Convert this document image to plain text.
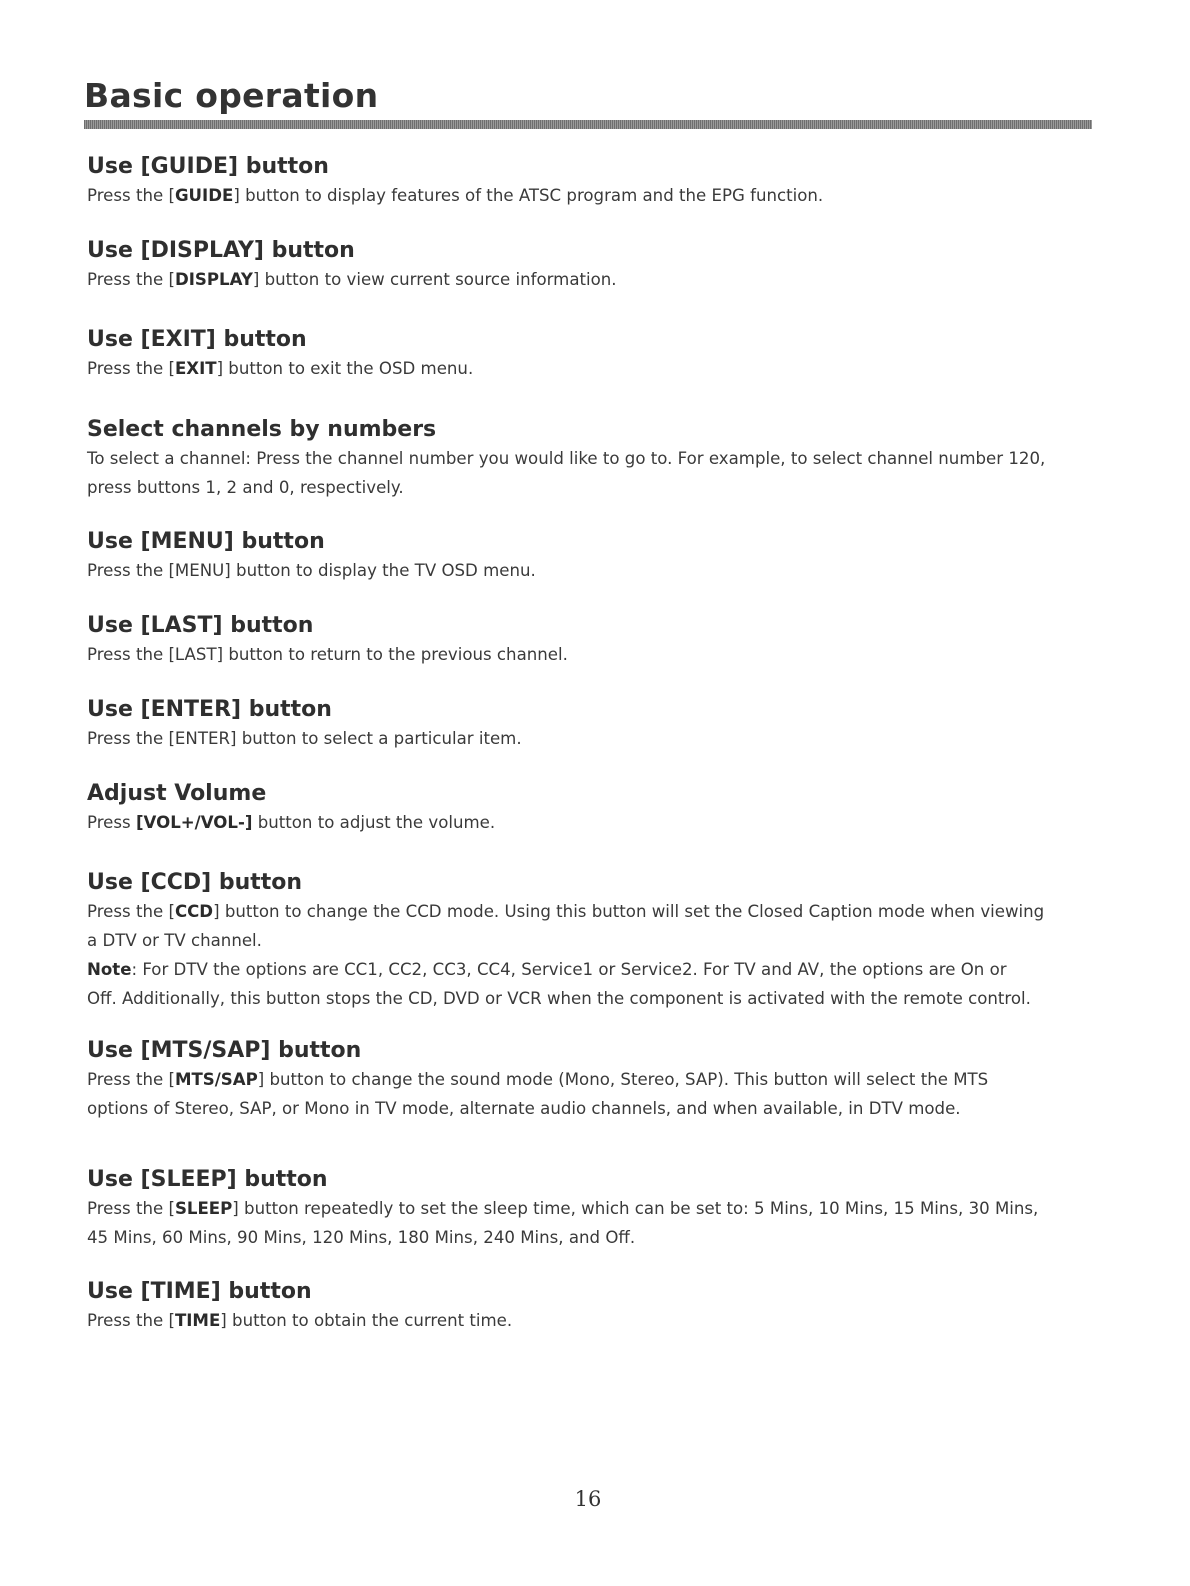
Basic operation
Use [GUIDE] button

Press the [GUIDE] button to display features of the ATSC program and the EPG function.

Use [DISPLAY] button

Press the [DISPLAY] button to view current source information.

Use [EXIT] button

Press the [EXIT] button to exit the OSD menu.

Select channels by numbers

To select a channel: Press the channel number you would like to go to. For example, to select channel number 120,

press buttons 1, 2 and 0, respectively.

Use [MENU] button

Press the [MENU] button to display the TV OSD menu.

Use [LAST] button

Press the [LAST] button to return to the previous channel.

Use [ENTER] button

Press the [ENTER] button to select a particular item.

Adjust Volume

Press [VOL+/VOL-] button to adjust the volume.

Use [CCD] button

Press the [CCD] button to change the CCD mode. Using this button will set the Closed Caption mode when viewing

a DTV or TV channel.

Note: For DTV the options are CC1, CC2, CC3, CC4, Service1 or Service2. For TV and AV, the options are On or

Off. Additionally, this button stops the CD, DVD or VCR when the component is activated with the remote control.

Use [MTS/SAP] button

Press the [MTS/SAP] button to change the sound mode (Mono, Stereo, SAP). This button will select the MTS

options of Stereo, SAP, or Mono in TV mode, alternate audio channels, and when available, in DTV mode.

Use [SLEEP] button

Press the [SLEEP] button repeatedly to set the sleep time, which can be set to: 5 Mins, 10 Mins, 15 Mins, 30 Mins,

45 Mins, 60 Mins, 90 Mins, 120 Mins, 180 Mins, 240 Mins, and Off.

Use [TIME] button

Press the [TIME] button to obtain the current time.

16
